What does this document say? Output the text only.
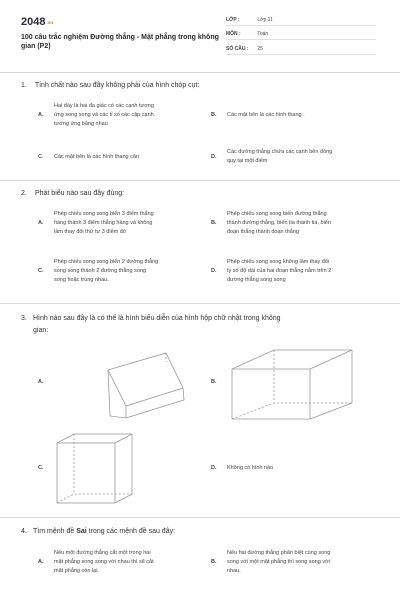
2048.vn
100 câu trắc nghiệm Đường thẳng - Mặt phẳng trong không gian (P2)
LỚP :	Lớp 11
MÔN :	Toán
SỐ CÂU : 25
1. Tính chất nào sau đây không phải của hình chóp cụt:
A.
Hai đáy là hai đa giác có các cạnh tương
ứng song song và các tỉ số các cặp cạnh
tương ứng bằng nhau
B. Các mặt bên là các hình thang .
C. Các mặt bên là các hình thang cân	D.
Các đường thẳng chứa các cạnh bên đồng
quy tại một điểm
2. Phát biểu nào sau đây đúng:
A.
Phép chiếu song song biến 3 điểm thẳng
hàng thành 3 điểm thẳng hàng và không
làm thay đổi thứ tự 3 điểm đó
B.
Phép chiếu song song biến đường thẳng
thành đường thẳng, biến tia thành tia, biến
đoạn thẳng thành đoạn thẳng
C.
Phép chiếu song song biến 2 đường thẳng
song song thành 2 đường thẳng song
song hoặc trùng nhau.
D.
Phép chiếu song song không làm thay đổi
tỷ số độ dài của hai đoạn thẳng nằm trên 2
đường thẳng song song
3. Hình nào sau đây là có thể là hình biểu diễn của hình hộp chữ nhật trong không
gian:
A.	B.
C.	D. Không có hình nào
4. Tìm mệnh đề Sai trong các mệnh đề sau đây:
A.
Nếu một đường thẳng cắt một trong hai
mặt phẳng song song với nhau thì sẽ cắt
mặt phẳng còn lại.
B.
Nếu hai đường thẳng phân biệt cùng song
song với một mặt phẳng thì song song với
nhau.
